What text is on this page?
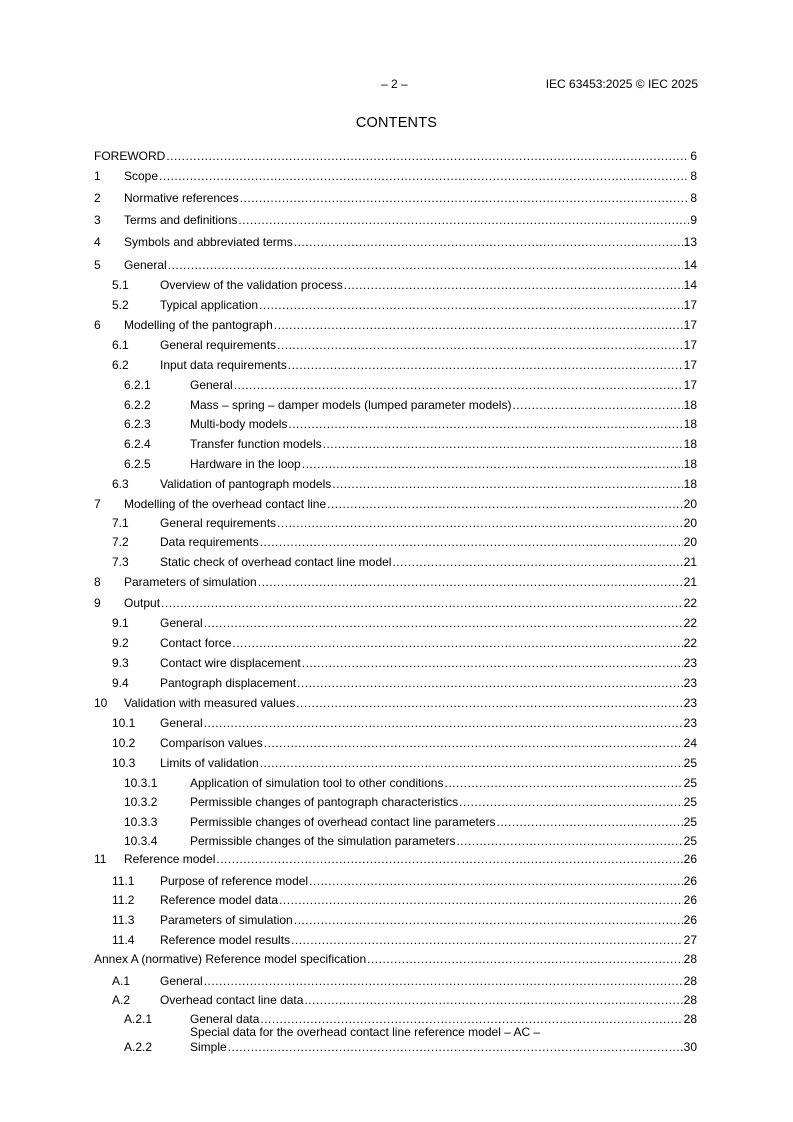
– 2 –	IEC 63453:2025 © IEC 2025
CONTENTS
FOREWORD .....	6
1 Scope .....	8
2 Normative references .....	8
3 Terms and definitions .....	9
4 Symbols and abbreviated terms .....	13
5 General .....	14
5.1	Overview of the validation process .....	14
5.2	Typical application .....	17
6 Modelling of the pantograph .....	17
6.1	General requirements .....	17
6.2	Input data requirements .....	17
6.2.1	General .....	17
6.2.2	Mass – spring – damper models (lumped parameter models) .....	18
6.2.3	Multi-body models .....	18
6.2.4	Transfer function models .....	18
6.2.5	Hardware in the loop .....	18
6.3	Validation of pantograph models .....	18
7 Modelling of the overhead contact line .....	20
7.1	General requirements .....	20
7.2	Data requirements .....	20
7.3	Static check of overhead contact line model .....	21
8 Parameters of simulation .....	21
9 Output .....	22
9.1	General .....	22
9.2	Contact force .....	22
9.3	Contact wire displacement .....	23
9.4	Pantograph displacement .....	23
10 Validation with measured values .....	23
10.1 General .....	23
10.2 Comparison values .....	24
10.3 Limits of validation .....	25
10.3.1	Application of simulation tool to other conditions .....	25
10.3.2	Permissible changes of pantograph characteristics .....	25
10.3.3	Permissible changes of overhead contact line parameters .....	25
10.3.4	Permissible changes of the simulation parameters .....	25
11 Reference model .....	26
11.1 Purpose of reference model .....	26
11.2 Reference model data .....	26
11.3 Parameters of simulation .....	26
11.4 Reference model results .....	27
Annex A (normative) Reference model specification .....	28
A.1 General .....	28
A.2 Overhead contact line data .....	28
A.2.1	General data .....	28
A.2.2
Special data for the overhead contact line reference model – AC –
Simple .....	30
